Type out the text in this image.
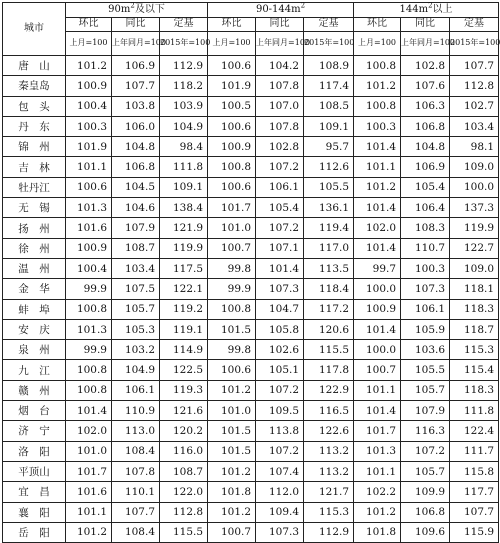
城市	$90m^2$及以下			$90-144m^2$			$144m^2$以上		
	环比	同比	定基	环比	同比	定基	环比	同比	定基
	上月=100	上年同月=100	2015年=100	上月=100	上年同月=100	2015年=100	上月=100	上年同月=100	2015年=100
唐　山	101.2	106.9	112.9	100.6	104.2	108.9	100.8	102.8	107.7
秦皇岛	100.9	107.7	118.2	101.9	107.8	117.4	101.2	107.6	112.8
包　头	100.4	103.8	103.9	100.5	107.0	108.5	100.8	106.3	102.7
丹　东	100.3	106.0	104.9	100.6	107.8	109.1	100.3	106.8	103.4
锦　州	101.9	104.8	98.4	100.9	102.8	95.7	101.4	104.8	98.1
吉　林	101.1	106.8	111.8	100.8	107.2	112.6	101.1	106.9	109.0
牡丹江	100.6	104.5	109.1	100.6	106.1	105.5	101.2	105.4	100.0
无　锡	101.3	104.6	138.4	101.7	105.4	136.1	101.4	106.4	137.3
扬　州	101.6	107.9	121.9	101.0	107.2	119.4	102.0	108.3	119.9
徐　州	100.9	108.7	119.9	100.7	107.1	117.0	101.4	110.7	122.7
温　州	100.4	103.4	117.5	99.8	101.4	113.5	99.7	100.3	109.0
金　华	99.9	107.5	122.1	99.9	107.3	118.4	100.0	107.3	118.1
蚌　埠	100.8	105.7	119.2	100.8	104.7	117.2	100.9	106.1	118.3
安　庆	101.3	105.3	119.1	101.5	105.8	120.6	101.4	105.9	118.7
泉　州	99.9	103.2	114.9	99.8	102.6	115.5	100.0	103.6	115.3
九　江	100.8	104.9	122.5	100.6	105.1	117.8	100.7	105.5	115.4
赣　州	100.8	106.1	119.3	101.2	107.2	122.9	101.1	105.7	118.3
烟　台	101.4	110.9	121.6	101.0	109.5	116.5	101.4	107.9	111.8
济　宁	102.0	113.0	120.2	101.5	113.8	122.6	101.7	116.3	122.4
洛　阳	101.0	108.4	116.0	101.5	107.2	113.2	101.3	107.2	111.7
平顶山	101.7	107.8	108.7	101.2	107.4	113.2	101.1	105.7	115.8
宜　昌	101.6	110.1	122.0	101.8	112.0	121.7	102.2	109.9	117.7
襄　阳	101.1	107.7	112.8	101.2	109.4	115.3	101.2	106.8	107.7
岳　阳	101.2	108.4	115.5	100.7	107.3	112.9	101.8	109.6	115.9
